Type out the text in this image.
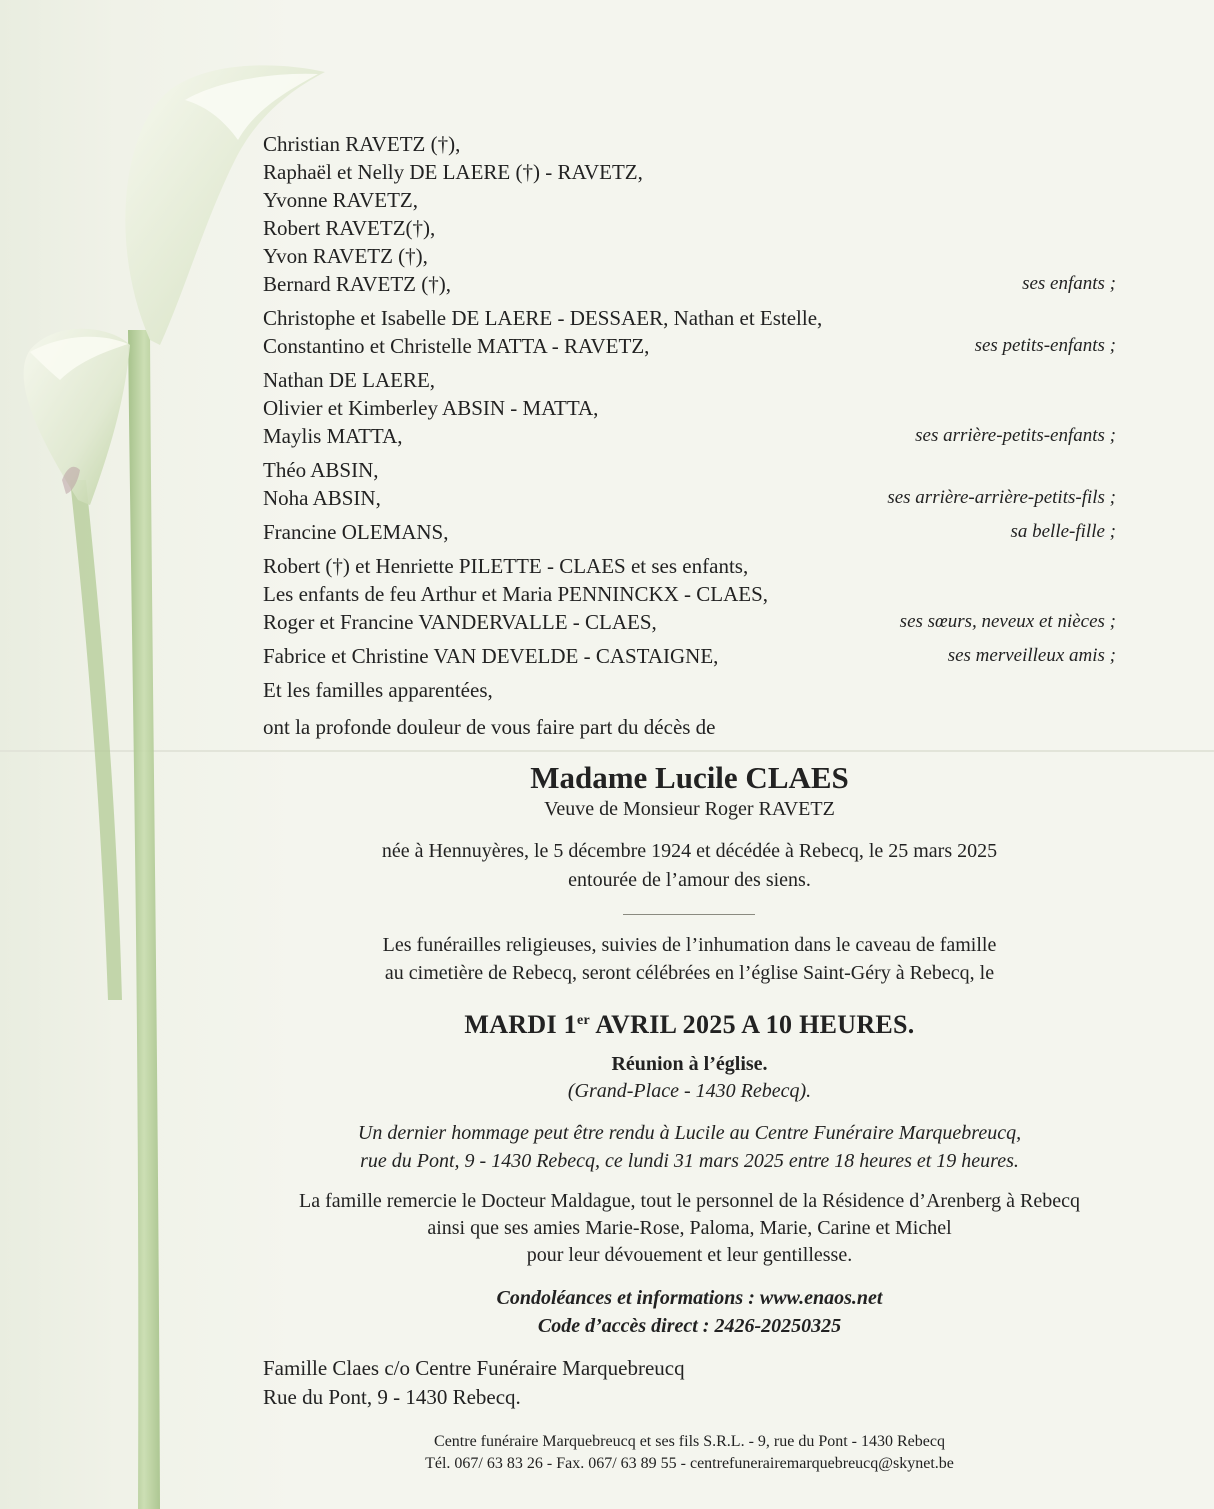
Christian RAVETZ (†),
Raphaël et Nelly DE LAERE (†) - RAVETZ,
Yvonne RAVETZ,
Robert RAVETZ(†),
Yvon RAVETZ (†),
Bernard RAVETZ (†),	ses enfants ;
Christophe et Isabelle DE LAERE - DESSAER, Nathan et Estelle,
Constantino et Christelle MATTA - RAVETZ,	ses petits-enfants ;
Nathan DE LAERE,
Olivier et Kimberley ABSIN - MATTA,
Maylis MATTA,	ses arrière-petits-enfants ;
Théo ABSIN,
Noha ABSIN,	ses arrière-arrière-petits-fils ;
Francine OLEMANS,	sa belle-fille ;
Robert (†) et Henriette PILETTE - CLAES et ses enfants,
Les enfants de feu Arthur et Maria PENNINCKX - CLAES,
Roger et Francine VANDERVALLE - CLAES,	ses sœurs, neveux et nièces ;
Fabrice et Christine VAN DEVELDE - CASTAIGNE,	ses merveilleux amis ;
Et les familles apparentées,
ont la profonde douleur de vous faire part du décès de
Madame Lucile CLAES
Veuve de Monsieur Roger RAVETZ
née à Hennuyères, le 5 décembre 1924 et décédée à Rebecq, le 25 mars 2025
entourée de l’amour des siens.
Les funérailles religieuses, suivies de l’inhumation dans le caveau de famille
au cimetière de Rebecq, seront célébrées en l’église Saint-Géry à Rebecq, le
MARDI 1er AVRIL 2025 A 10 HEURES.
Réunion à l’église.
(Grand-Place - 1430 Rebecq).
Un dernier hommage peut être rendu à Lucile au Centre Funéraire Marquebreucq,
rue du Pont, 9 - 1430 Rebecq, ce lundi 31 mars 2025 entre 18 heures et 19 heures.
La famille remercie le Docteur Maldague, tout le personnel de la Résidence d’Arenberg à Rebecq
ainsi que ses amies Marie-Rose, Paloma, Marie, Carine et Michel
pour leur dévouement et leur gentillesse.
Condoléances et informations : www.enaos.net
Code d’accès direct : 2426-20250325
Famille Claes c/o Centre Funéraire Marquebreucq
Rue du Pont, 9 - 1430 Rebecq.
Centre funéraire Marquebreucq et ses fils S.R.L. - 9, rue du Pont - 1430 Rebecq
Tél. 067/ 63 83 26 - Fax. 067/ 63 89 55 - centrefunerairemarquebreucq@skynet.be
